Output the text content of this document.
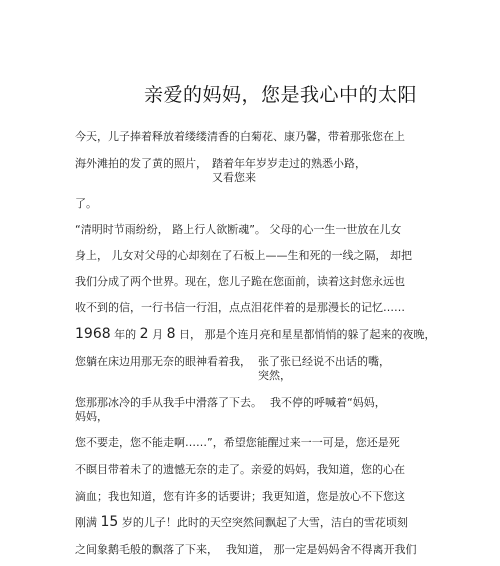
亲爱的妈妈，您是我心中的太阳
今天，儿子捧着释放着缕缕清香的白菊花、康乃馨，带着那张您在上
海外滩拍的发了黄的照片， 踏着年年岁岁走过的熟悉小路，
又看您来
了。
“清明时节雨纷纷， 路上行人欲断魂”。 父母的心一生一世放在儿女
身上， 儿女对父母的心却刻在了石板上——生和死的一线之隔， 却把
我们分成了两个世界。现在，您儿子跪在您面前，读着这封您永远也
收不到的信，一行书信一行泪，点点泪花伴着的是那漫长的记忆……
1968 年的 2 月 8 日， 那是个连月亮和星星都悄悄的躲了起来的夜晚，
您躺在床边用那无奈的眼神看着我， 张了张已经说不出话的嘴，
突然，
您那那冰冷的手从我手中滑落了下去。 我不停的呼喊着“妈妈，
妈妈，
您不要走，您不能走啊……”，希望您能醒过来一一可是，您还是死
不瞑目带着未了的遗憾无奈的走了。亲爱的妈妈，我知道，您的心在
滴血；我也知道，您有许多的话要讲；我更知道，您是放心不下您这
刚满 15 岁的儿子！此时的天空突然间飘起了大雪，洁白的雪花顷刻
之间象鹅毛般的飘落了下来， 我知道， 那一定是妈妈舍不得离开我们
